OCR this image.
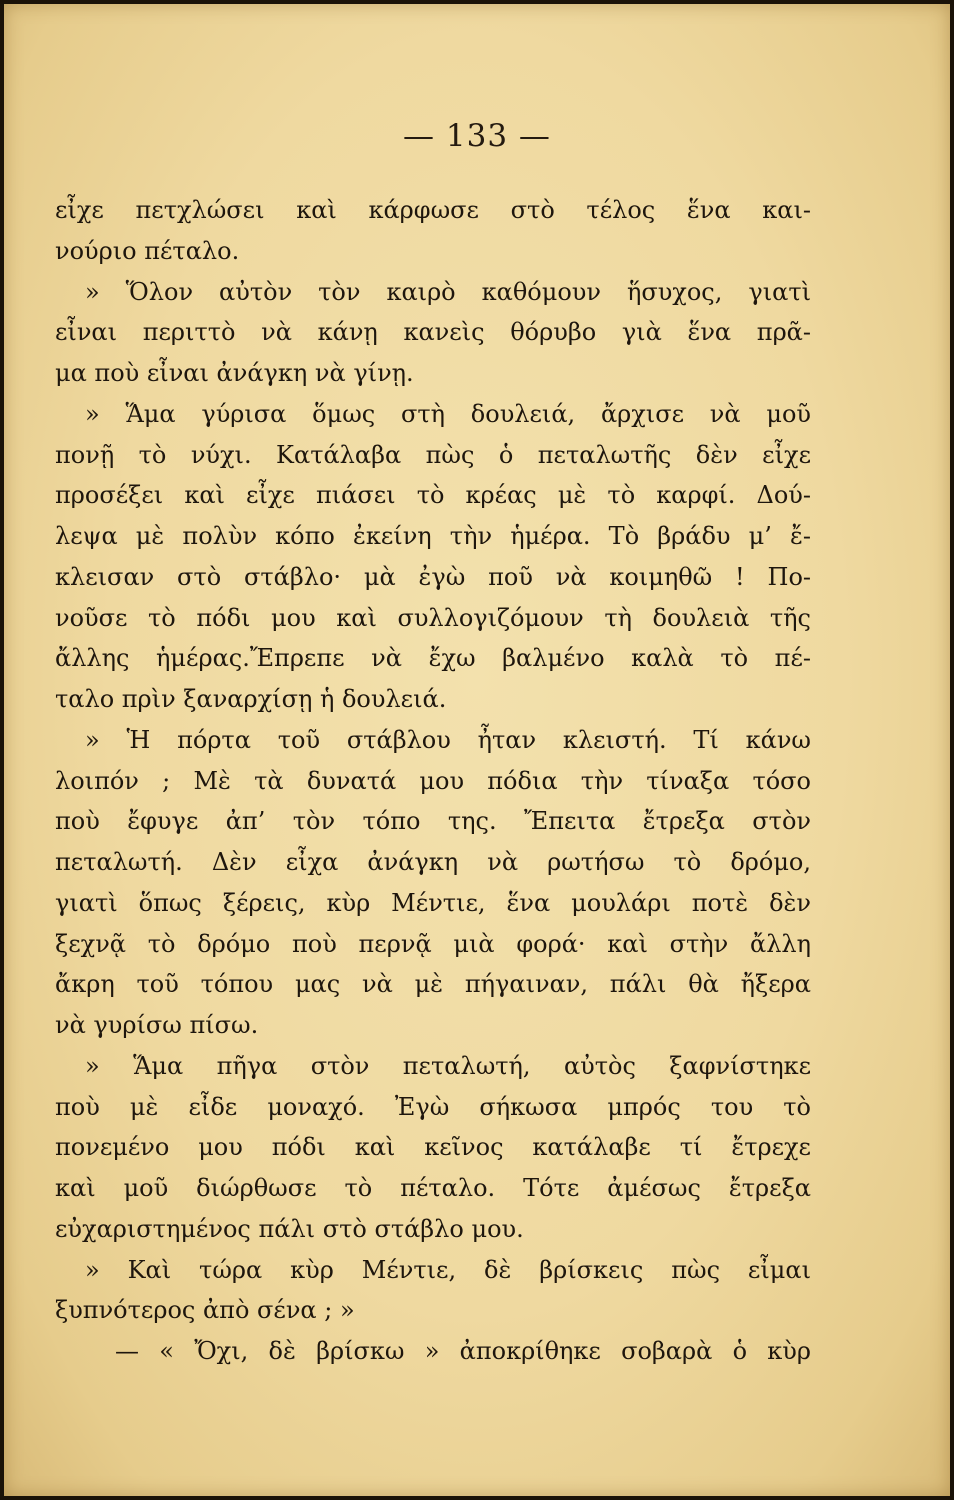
— 133 —
εἶχε πετχλώσει καὶ κάρφωσε στὸ τέλος ἕνα και-
νούριο πέταλο.
» Ὅλον αὐτὸν τὸν καιρὸ καθόμουν ἥσυχος, γιατὶ
εἶναι περιττὸ νὰ κάνῃ κανεὶς θόρυβο γιὰ ἕνα πρᾶ-
μα ποὺ εἶναι ἀνάγκη νὰ γίνῃ.
» Ἅμα γύρισα ὅμως στὴ δουλειά, ἄρχισε νὰ μοῦ
πονῇ τὸ νύχι. Κατάλαβα πὼς ὁ πεταλωτῆς δὲν εἶχε
προσέξει καὶ εἶχε πιάσει τὸ κρέας μὲ τὸ καρφί. Δού-
λεψα μὲ πολὺν κόπο ἐκείνη τὴν ἡμέρα. Τὸ βράδυ μ’ ἔ-
κλεισαν στὸ στάβλο· μὰ ἐγὼ ποῦ νὰ κοιμηθῶ ! Πο-
νοῦσε τὸ πόδι μου καὶ συλλογιζόμουν τὴ δουλειὰ τῆς
ἄλλης ἡμέρας.Ἔπρεπε νὰ ἔχω βαλμένο καλὰ τὸ πέ-
ταλο πρὶν ξαναρχίσῃ ἡ δουλειά.
» Ἡ πόρτα τοῦ στάβλου ἦταν κλειστή. Τί κάνω
λοιπόν ; Μὲ τὰ δυνατά μου πόδια τὴν τίναξα τόσο
ποὺ ἔφυγε ἀπ’ τὸν τόπο της. Ἔπειτα ἔτρεξα στὸν
πεταλωτή. Δὲν εἶχα ἀνάγκη νὰ ρωτήσω τὸ δρόμο,
γιατὶ ὅπως ξέρεις, κὺρ Μέντιε, ἕνα μουλάρι ποτὲ δὲν
ξεχνᾷ τὸ δρόμο ποὺ περνᾷ μιὰ φορά· καὶ στὴν ἄλλη
ἄκρη τοῦ τόπου μας νὰ μὲ πήγαιναν, πάλι θὰ ἤξερα
νὰ γυρίσω πίσω.
» Ἅμα πῆγα στὸν πεταλωτή, αὐτὸς ξαφνίστηκε
ποὺ μὲ εἶδε μοναχό. Ἐγὼ σήκωσα μπρός του τὸ
πονεμένο μου πόδι καὶ κεῖνος κατάλαβε τί ἔτρεχε
καὶ μοῦ διώρθωσε τὸ πέταλο. Τότε ἀμέσως ἔτρεξα
εὐχαριστημένος πάλι στὸ στάβλο μου.
» Καὶ τώρα κὺρ Μέντιε, δὲ βρίσκεις πὼς εἶμαι
ξυπνότερος ἀπὸ σένα ; »
— « Ὄχι, δὲ βρίσκω » ἀποκρίθηκε σοβαρὰ ὁ κὺρ
